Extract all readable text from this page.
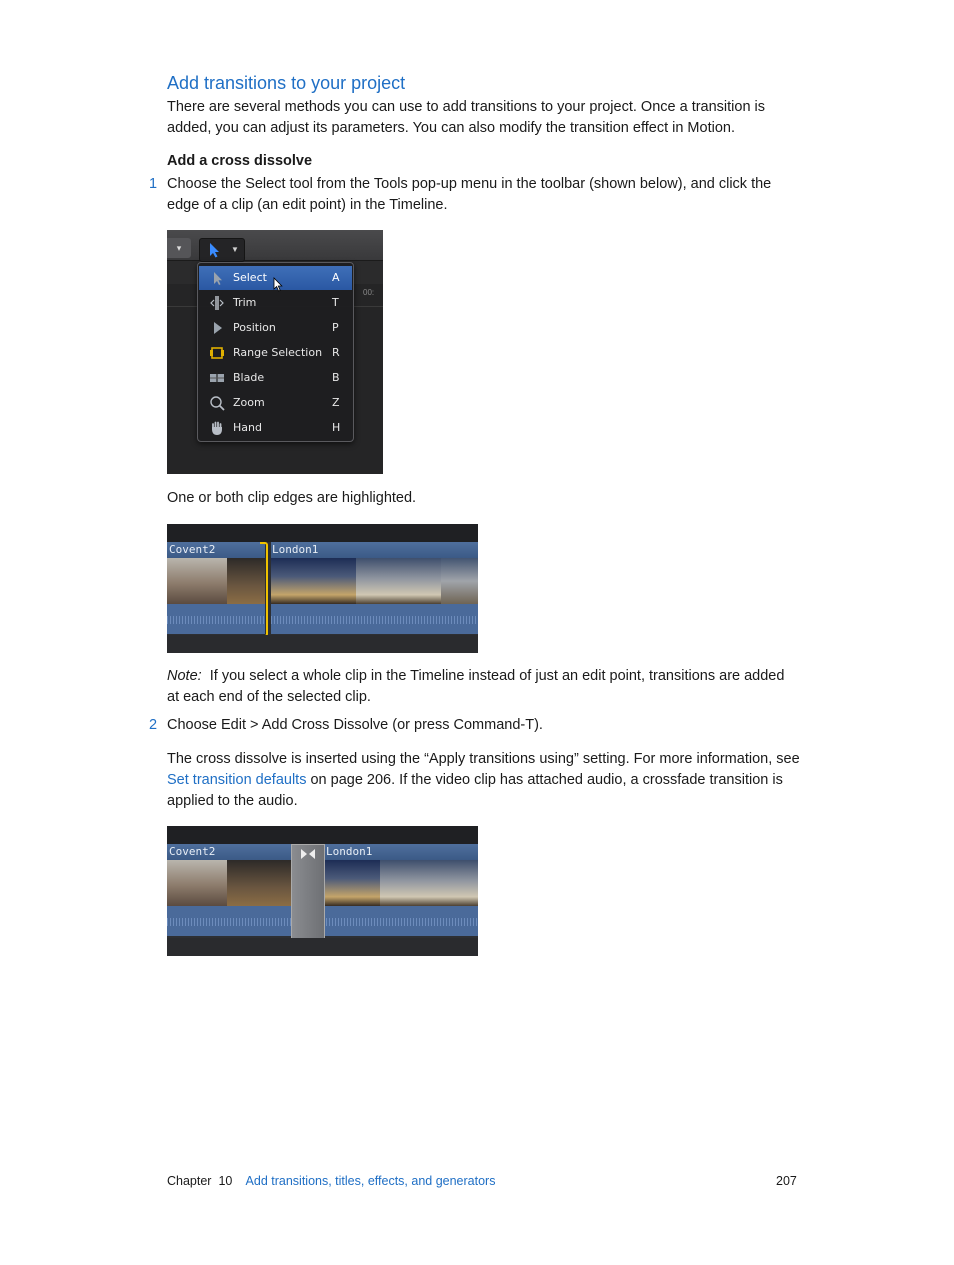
Add transitions to your project
There are several methods you can use to add transitions to your project. Once a transition is added, you can adjust its parameters. You can also modify the transition effect in Motion.
Add a cross dissolve
1 Choose the Select tool from the Tools pop-up menu in the toolbar (shown below), and click the edge of a clip (an edit point) in the Timeline.
▾	▼
00:
Select	A
Trim	T
Position	P
Range Selection R
Blade	B
Zoom	Z
Hand	H
One or both clip edges are highlighted.
Covent2	London1
Note: If you select a whole clip in the Timeline instead of just an edit point, transitions are added at each end of the selected clip.
2 Choose Edit > Add Cross Dissolve (or press Command-T).
The cross dissolve is inserted using the “Apply transitions using” setting. For more information, see Set transition defaults on page 206. If the video clip has attached audio, a crossfade transition is applied to the audio.
Covent2	London1
Chapter 10 Add transitions, titles, effects, and generators	207
